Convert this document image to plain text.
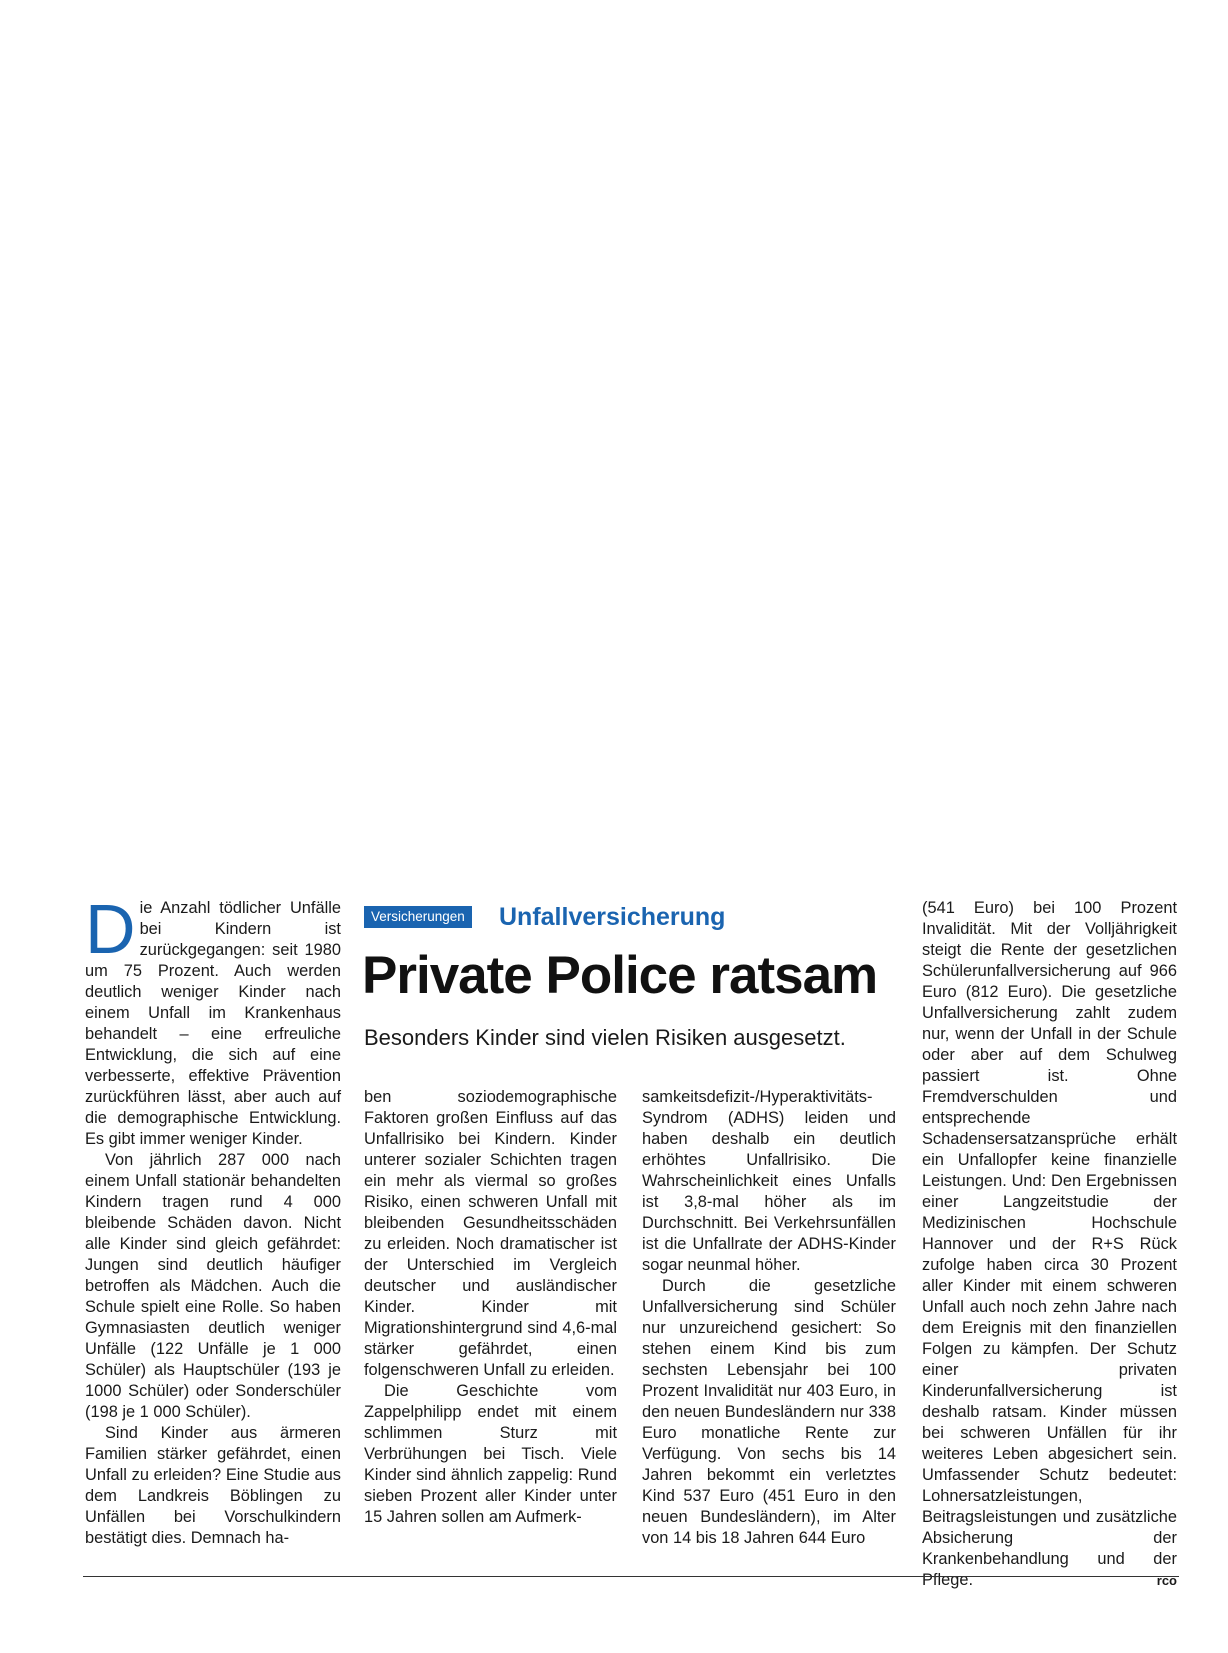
Versicherungen Unfallversicherung
Private Police ratsam
Besonders Kinder sind vielen Risiken ausgesetzt.

Die Anzahl tödlicher Unfälle bei Kindern ist zurückgegangen: seit 1980 um 75 Prozent. Auch werden deutlich weniger Kinder nach einem Unfall im Krankenhaus behandelt – eine erfreuliche Entwicklung, die sich auf eine verbesserte, effektive Prävention zurückführen lässt, aber auch auf die demographische Entwicklung. Es gibt immer weniger Kinder.

Von jährlich 287 000 nach einem Unfall stationär behandelten Kindern tragen rund 4 000 bleibende Schäden davon. Nicht alle Kinder sind gleich gefährdet: Jungen sind deutlich häufiger betroffen als Mädchen. Auch die Schule spielt eine Rolle. So haben Gymnasiasten deutlich weniger Unfälle (122 Unfälle je 1 000 Schüler) als Hauptschüler (193 je 1000 Schüler) oder Sonderschüler (198 je 1 000 Schüler).

Sind Kinder aus ärmeren Familien stärker gefährdet, einen Unfall zu erleiden? Eine Studie aus dem Landkreis Böblingen zu Unfällen bei Vorschulkindern bestätigt dies. Demnach ha-

ben soziodemographische Faktoren großen Einfluss auf das Unfallrisiko bei Kindern. Kinder unterer sozialer Schichten tragen ein mehr als viermal so großes Risiko, einen schweren Unfall mit bleibenden Gesundheitsschäden zu erleiden. Noch dramatischer ist der Unterschied im Vergleich deutscher und ausländischer Kinder. Kinder mit Migrationshintergrund sind 4,6-mal stärker gefährdet, einen folgenschweren Unfall zu erleiden.

Die Geschichte vom Zappelphilipp endet mit einem schlimmen Sturz mit Verbrühungen bei Tisch. Viele Kinder sind ähnlich zappelig: Rund sieben Prozent aller Kinder unter 15 Jahren sollen am Aufmerk-

samkeitsdefizit-/Hyperaktivitäts-Syndrom (ADHS) leiden und haben deshalb ein deutlich erhöhtes Unfallrisiko. Die Wahrscheinlichkeit eines Unfalls ist 3,8-mal höher als im Durchschnitt. Bei Verkehrsunfällen ist die Unfallrate der ADHS-Kinder sogar neunmal höher.

Durch die gesetzliche Unfallversicherung sind Schüler nur unzureichend gesichert: So stehen einem Kind bis zum sechsten Lebensjahr bei 100 Prozent Invalidität nur 403 Euro, in den neuen Bundesländern nur 338 Euro monatliche Rente zur Verfügung. Von sechs bis 14 Jahren bekommt ein verletztes Kind 537 Euro (451 Euro in den neuen Bundesländern), im Alter von 14 bis 18 Jahren 644 Euro

(541 Euro) bei 100 Prozent Invalidität. Mit der Volljährigkeit steigt die Rente der gesetzlichen Schülerunfallversicherung auf 966 Euro (812 Euro). Die gesetzliche Unfallversicherung zahlt zudem nur, wenn der Unfall in der Schule oder aber auf dem Schulweg passiert ist. Ohne Fremdverschulden und entsprechende Schadensersatzansprüche erhält ein Unfallopfer keine finanzielle Leistungen. Und: Den Ergebnissen einer Langzeitstudie der Medizinischen Hochschule Hannover und der R+S Rück zufolge haben circa 30 Prozent aller Kinder mit einem schweren Unfall auch noch zehn Jahre nach dem Ereignis mit den finanziellen Folgen zu kämpfen. Der Schutz einer privaten Kinderunfallversicherung ist deshalb ratsam. Kinder müssen bei schweren Unfällen für ihr weiteres Leben abgesichert sein. Umfassender Schutz bedeutet: Lohnersatzleistungen, Beitragsleistungen und zusätzliche Absicherung der Krankenbehandlung und der Pflege.	rco
